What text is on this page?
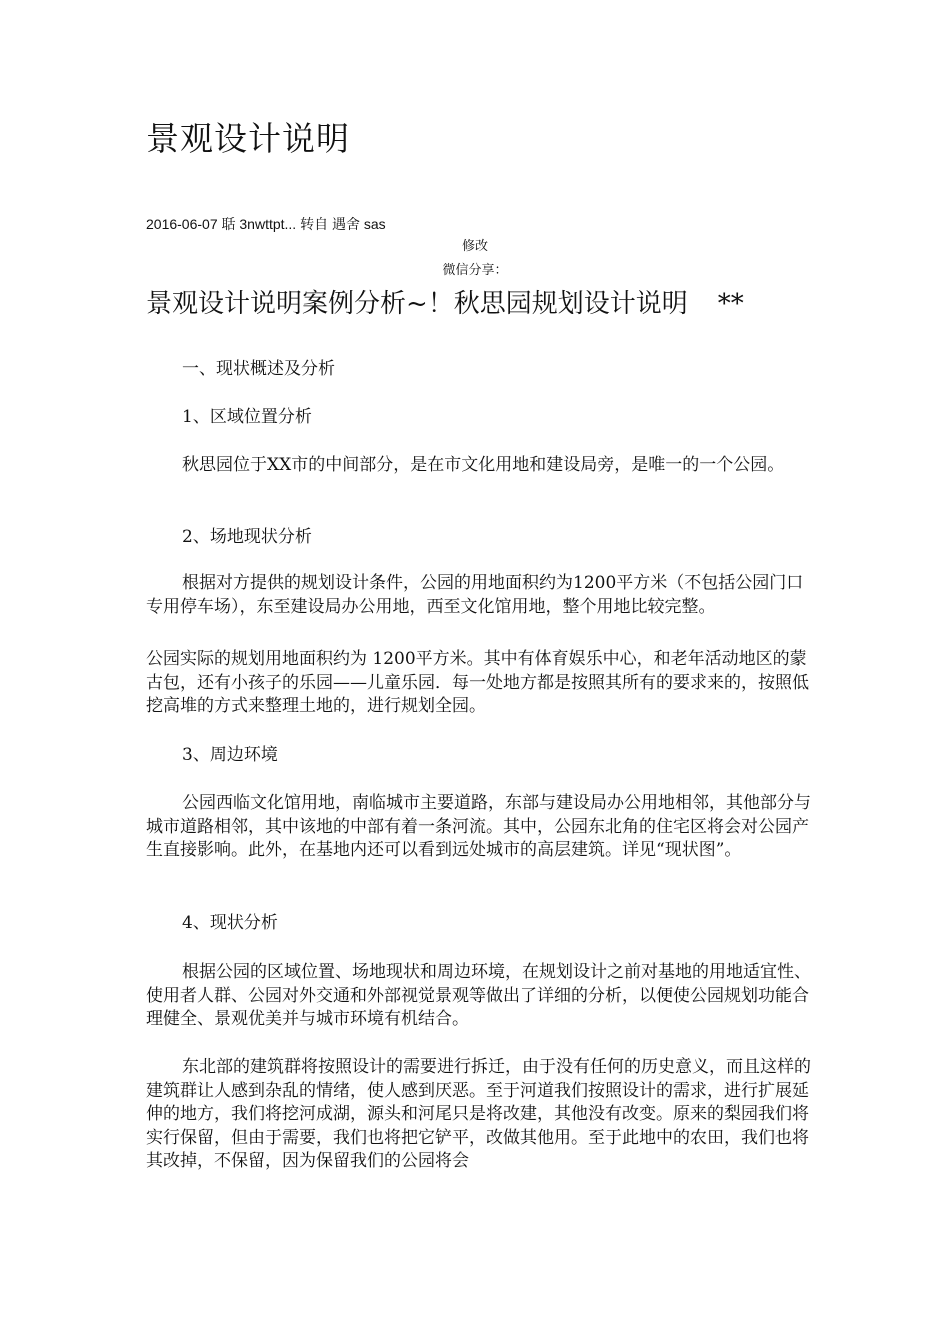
景观设计说明
2016-06-07 聒 3nwttpt... 转自 遇舍 sas
修改
微信分享：
景观设计说明案例分析~！秋思园规划设计说明 **

一、现状概述及分析

1、区域位置分析

秋思园位于XX市的中间部分，是在市文化用地和建设局旁，是唯一的一个公园。

2、场地现状分析

根据对方提供的规划设计条件，公园的用地面积约为1200平方米（不包括公园门口专用停车场），东至建设局办公用地，西至文化馆用地，整个用地比较完整。

公园实际的规划用地面积约为 1200平方米。其中有体育娱乐中心，和老年活动地区的蒙古包，还有小孩子的乐园——儿童乐园．每一处地方都是按照其所有的要求来的，按照低挖高堆的方式来整理土地的，进行规划全园。

3、周边环境

公园西临文化馆用地，南临城市主要道路，东部与建设局办公用地相邻，其他部分与城市道路相邻，其中该地的中部有着一条河流。其中，公园东北角的住宅区将会对公园产生直接影响。此外，在基地内还可以看到远处城市的高层建筑。详见“现状图”。

4、现状分析

根据公园的区域位置、场地现状和周边环境，在规划设计之前对基地的用地适宜性、使用者人群、公园对外交通和外部视觉景观等做出了详细的分析，以便使公园规划功能合理健全、景观优美并与城市环境有机结合。

东北部的建筑群将按照设计的需要进行拆迁，由于没有任何的历史意义，而且这样的建筑群让人感到杂乱的情绪，使人感到厌恶。至于河道我们按照设计的需求，进行扩展延伸的地方，我们将挖河成湖，源头和河尾只是将改建，其他没有改变。原来的梨园我们将实行保留，但由于需要，我们也将把它铲平，改做其他用。至于此地中的农田，我们也将其改掉，不保留，因为保留我们的公园将会
